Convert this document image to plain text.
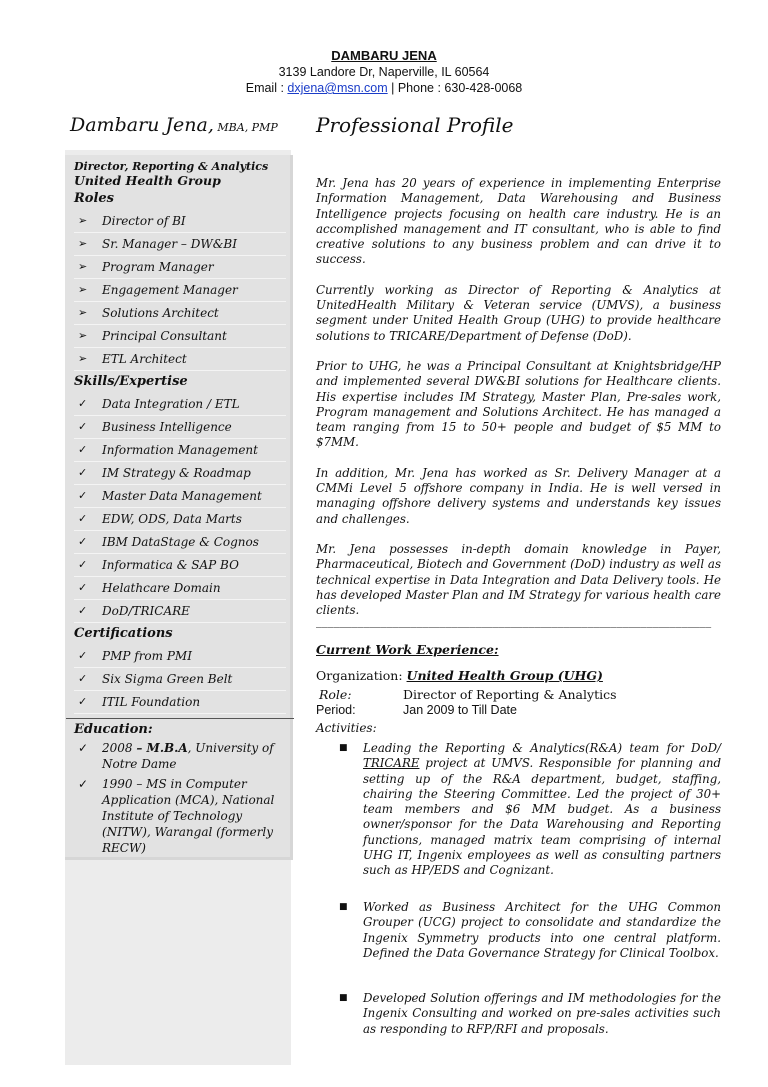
DAMBARU JENA
3139 Landore Dr, Naperville, IL 60564
Email : dxjena@msn.com | Phone : 630-428-0068
Dambaru Jena, MBA, PMP Professional Profile
Director, Reporting & Analytics
United Health Group
Roles
➢ Director of BI
➢ Sr. Manager – DW&BI
➢ Program Manager
➢ Engagement Manager
➢ Solutions Architect
➢ Principal Consultant
➢ ETL Architect
Skills/Expertise
✓ Data Integration / ETL
✓ Business Intelligence
✓ Information Management
✓ IM Strategy & Roadmap
✓ Master Data Management
✓ EDW, ODS, Data Marts
✓ IBM DataStage & Cognos
✓ Informatica & SAP BO
✓ Helathcare Domain
✓ DoD/TRICARE
Certifications
✓ PMP from PMI
✓ Six Sigma Green Belt
✓ ITIL Foundation
Education:
✓ 2008 – M.B.A, University of Notre Dame
✓ 1990 – MS in Computer Application (MCA), National Institute of Technology (NITW), Warangal (formerly RECW)

Mr. Jena has 20 years of experience in implementing Enterprise Information Management, Data Warehousing and Business Intelligence projects focusing on health care industry. He is an accomplished management and IT consultant, who is able to find creative solutions to any business problem and can drive it to success.

Currently working as Director of Reporting & Analytics at UnitedHealth Military & Veteran service (UMVS), a business segment under United Health Group (UHG) to provide healthcare solutions to TRICARE/Department of Defense (DoD).

Prior to UHG, he was a Principal Consultant at Knightsbridge/HP and implemented several DW&BI solutions for Healthcare clients. His expertise includes IM Strategy, Master Plan, Pre-sales work, Program management and Solutions Architect. He has managed a team ranging from 15 to 50+ people and budget of $5 MM to $7MM.

In addition, Mr. Jena has worked as Sr. Delivery Manager at a CMMi Level 5 offshore company in India. He is well versed in managing offshore delivery systems and understands key issues and challenges.

Mr. Jena possesses in-depth domain knowledge in Payer, Pharmaceutical, Biotech and Government (DoD) industry as well as technical expertise in Data Integration and Data Delivery tools. He has developed Master Plan and IM Strategy for various health care clients.

___________________________________________________________________
Current Work Experience:
Organization: United Health Group (UHG)
Role:	Director of Reporting & Analytics
Period:	Jan 2009 to Till Date
Activities:
■ Leading the Reporting & Analytics(R&A) team for DoD/ TRICARE project at UMVS. Responsible for planning and setting up of the R&A department, budget, staffing, chairing the Steering Committee. Led the project of 30+ team members and $6 MM budget. As a business owner/sponsor for the Data Warehousing and Reporting functions, managed matrix team comprising of internal UHG IT, Ingenix employees as well as consulting partners such as HP/EDS and Cognizant.
■ Worked as Business Architect for the UHG Common Grouper (UCG) project to consolidate and standardize the Ingenix Symmetry products into one central platform. Defined the Data Governance Strategy for Clinical Toolbox.
■ Developed Solution offerings and IM methodologies for the Ingenix Consulting and worked on pre-sales activities such as responding to RFP/RFI and proposals.
